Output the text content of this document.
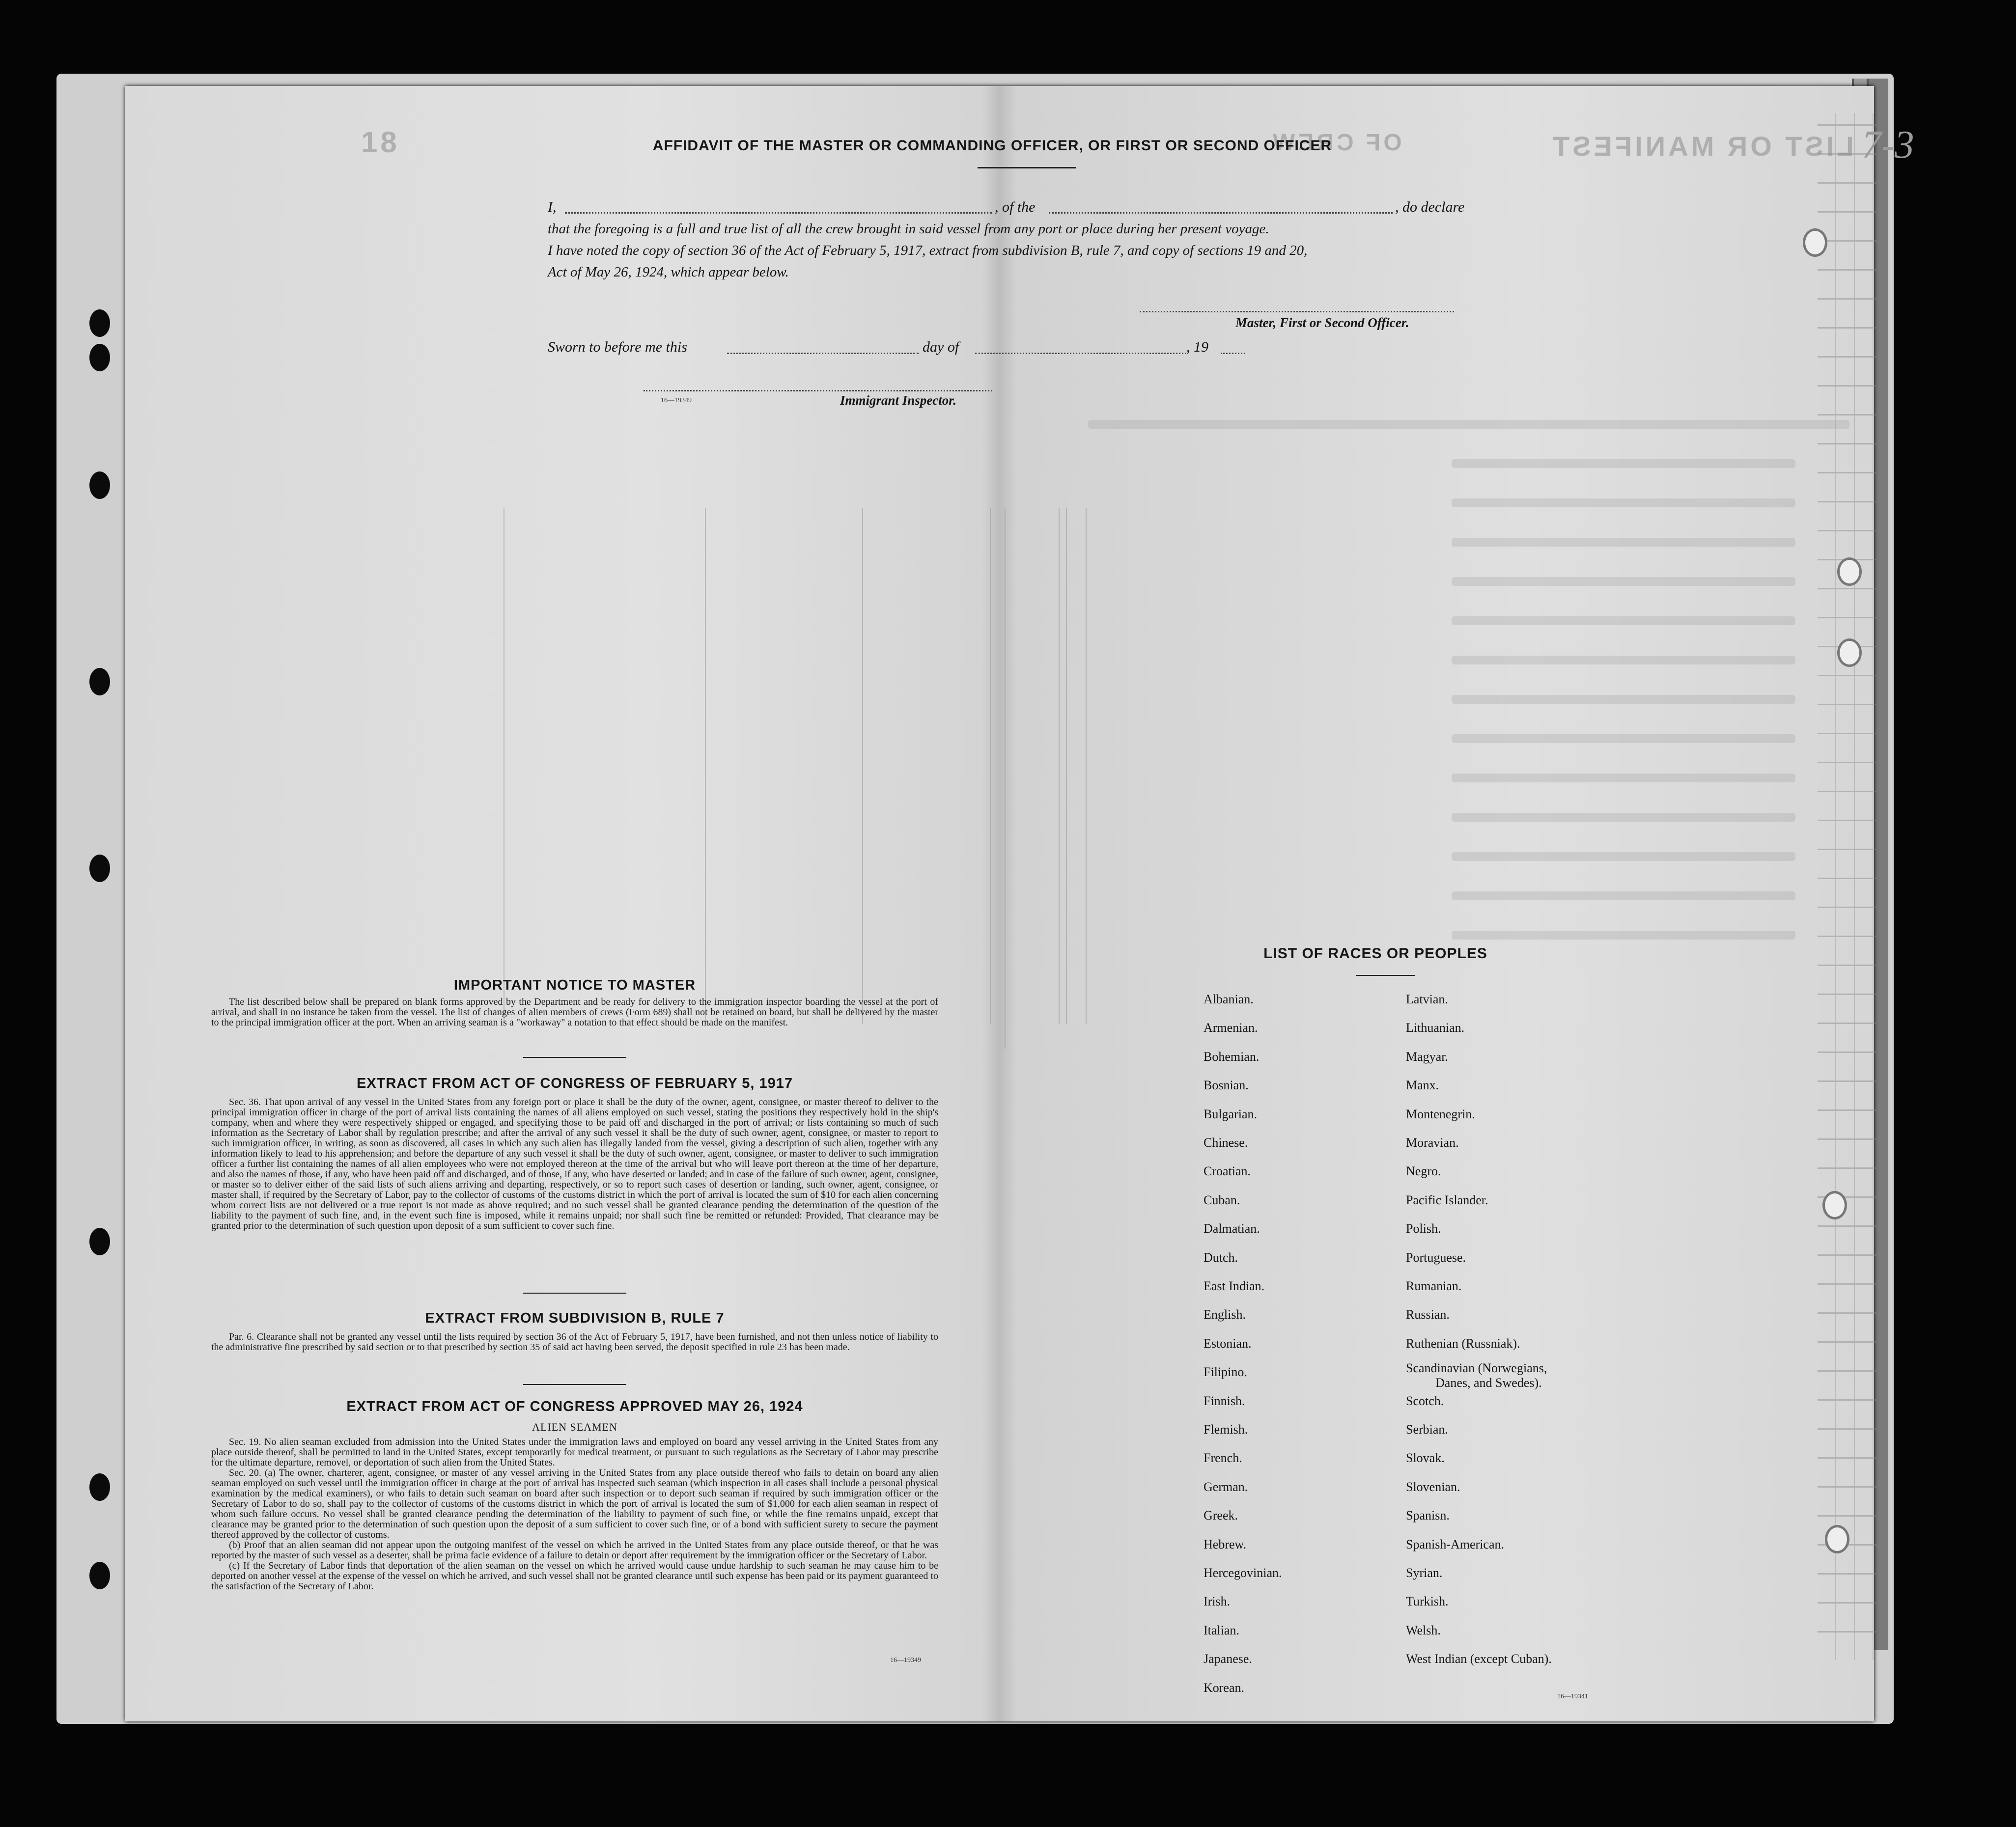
18	LIST OR MANIFEST
OF CREW	7-3
AFFIDAVIT OF THE MASTER OR COMMANDING OFFICER, OR FIRST OR SECOND OFFICER
I,	, of the	, do declare
that the foregoing is a full and true list of all the crew brought in said vessel from any port or place during her present voyage.
I have noted the copy of section 36 of the Act of February 5, 1917, extract from subdivision B, rule 7, and copy of sections 19 and 20,
Act of May 26, 1924, which appear below.
Master, First or Second Officer.
Sworn to before me this	day of	, 19
16—19349	Immigrant Inspector.
IMPORTANT NOTICE TO MASTER

The list described below shall be prepared on blank forms approved by the Department and be ready for delivery to the immigration inspector boarding the vessel at the port of arrival, and shall in no instance be taken from the vessel. The list of changes of alien members of crews (Form 689) shall not be retained on board, but shall be delivered by the master to the principal immigration officer at the port. When an arriving seaman is a "workaway" a notation to that effect should be made on the manifest.

EXTRACT FROM ACT OF CONGRESS OF FEBRUARY 5, 1917

Sec. 36. That upon arrival of any vessel in the United States from any foreign port or place it shall be the duty of the owner, agent, consignee, or master thereof to deliver to the principal immigration officer in charge of the port of arrival lists containing the names of all aliens employed on such vessel, stating the positions they respectively hold in the ship's company, when and where they were respectively shipped or engaged, and specifying those to be paid off and discharged in the port of arrival; or lists containing so much of such information as the Secretary of Labor shall by regulation prescribe; and after the arrival of any such vessel it shall be the duty of such owner, agent, consignee, or master to report to such immigration officer, in writing, as soon as discovered, all cases in which any such alien has illegally landed from the vessel, giving a description of such alien, together with any information likely to lead to his apprehension; and before the departure of any such vessel it shall be the duty of such owner, agent, consignee, or master to deliver to such immigration officer a further list containing the names of all alien employees who were not employed thereon at the time of the arrival but who will leave port thereon at the time of her departure, and also the names of those, if any, who have been paid off and discharged, and of those, if any, who have deserted or landed; and in case of the failure of such owner, agent, consignee, or master so to deliver either of the said lists of such aliens arriving and departing, respectively, or so to report such cases of desertion or landing, such owner, agent, consignee, or master shall, if required by the Secretary of Labor, pay to the collector of customs of the customs district in which the port of arrival is located the sum of $10 for each alien concerning whom correct lists are not delivered or a true report is not made as above required; and no such vessel shall be granted clearance pending the determination of the question of the liability to the payment of such fine, and, in the event such fine is imposed, while it remains unpaid; nor shall such fine be remitted or refunded: Provided, That clearance may be granted prior to the determination of such question upon deposit of a sum sufficient to cover such fine.

EXTRACT FROM SUBDIVISION B, RULE 7

Par. 6. Clearance shall not be granted any vessel until the lists required by section 36 of the Act of February 5, 1917, have been furnished, and not then unless notice of liability to the administrative fine prescribed by said section or to that prescribed by section 35 of said act having been served, the deposit specified in rule 23 has been made.

EXTRACT FROM ACT OF CONGRESS APPROVED MAY 26, 1924
ALIEN SEAMEN

Sec. 19. No alien seaman excluded from admission into the United States under the immigration laws and employed on board any vessel arriving in the United States from any place outside thereof, shall be permitted to land in the United States, except temporarily for medical treatment, or pursuant to such regulations as the Secretary of Labor may prescribe for the ultimate departure, removel, or deportation of such alien from the United States.

Sec. 20. (a) The owner, charterer, agent, consignee, or master of any vessel arriving in the United States from any place outside thereof who fails to detain on board any alien seaman employed on such vessel until the immigration officer in charge at the port of arrival has inspected such seaman (which inspection in all cases shall include a personal physical examination by the medical examiners), or who fails to detain such seaman on board after such inspection or to deport such seaman if required by such immigration officer or the Secretary of Labor to do so, shall pay to the collector of customs of the customs district in which the port of arrival is located the sum of $1,000 for each alien seaman in respect of whom such failure occurs. No vessel shall be granted clearance pending the determination of the liability to payment of such fine, or while the fine remains unpaid, except that clearance may be granted prior to the determination of such question upon the deposit of a sum sufficient to cover such fine, or of a bond with sufficient surety to secure the payment thereof approved by the collector of customs.

(b) Proof that an alien seaman did not appear upon the outgoing manifest of the vessel on which he arrived in the United States from any place outside thereof, or that he was reported by the master of such vessel as a deserter, shall be prima facie evidence of a failure to detain or deport after requirement by the immigration officer or the Secretary of Labor.

(c) If the Secretary of Labor finds that deportation of the alien seaman on the vessel on which he arrived would cause undue hardship to such seaman he may cause him to be deported on another vessel at the expense of the vessel on which he arrived, and such vessel shall not be granted clearance until such expense has been paid or its payment guaranteed to the satisfaction of the Secretary of Labor.

16—19349
LIST OF RACES OR PEOPLES
Albanian.
Armenian.
Bohemian.
Bosnian.
Bulgarian.
Chinese.
Croatian.
Cuban.
Dalmatian.
Dutch.
East Indian.
English.
Estonian.
Filipino.
Finnish.
Flemish.
French.
German.
Greek.
Hebrew.
Hercegovinian.
Irish.
Italian.
Japanese.
Korean.
Latvian.
Lithuanian.
Magyar.
Manx.
Montenegrin.
Moravian.
Negro.
Pacific Islander.
Polish.
Portuguese.
Rumanian.
Russian.
Ruthenian (Russniak).
Scandinavian (Norwegians,
Danes, and Swedes).
Scotch.
Serbian.
Slovak.
Slovenian.
Spanisn.
Spanish-American.
Syrian.
Turkish.
Welsh.
West Indian (except Cuban).
16—19341
